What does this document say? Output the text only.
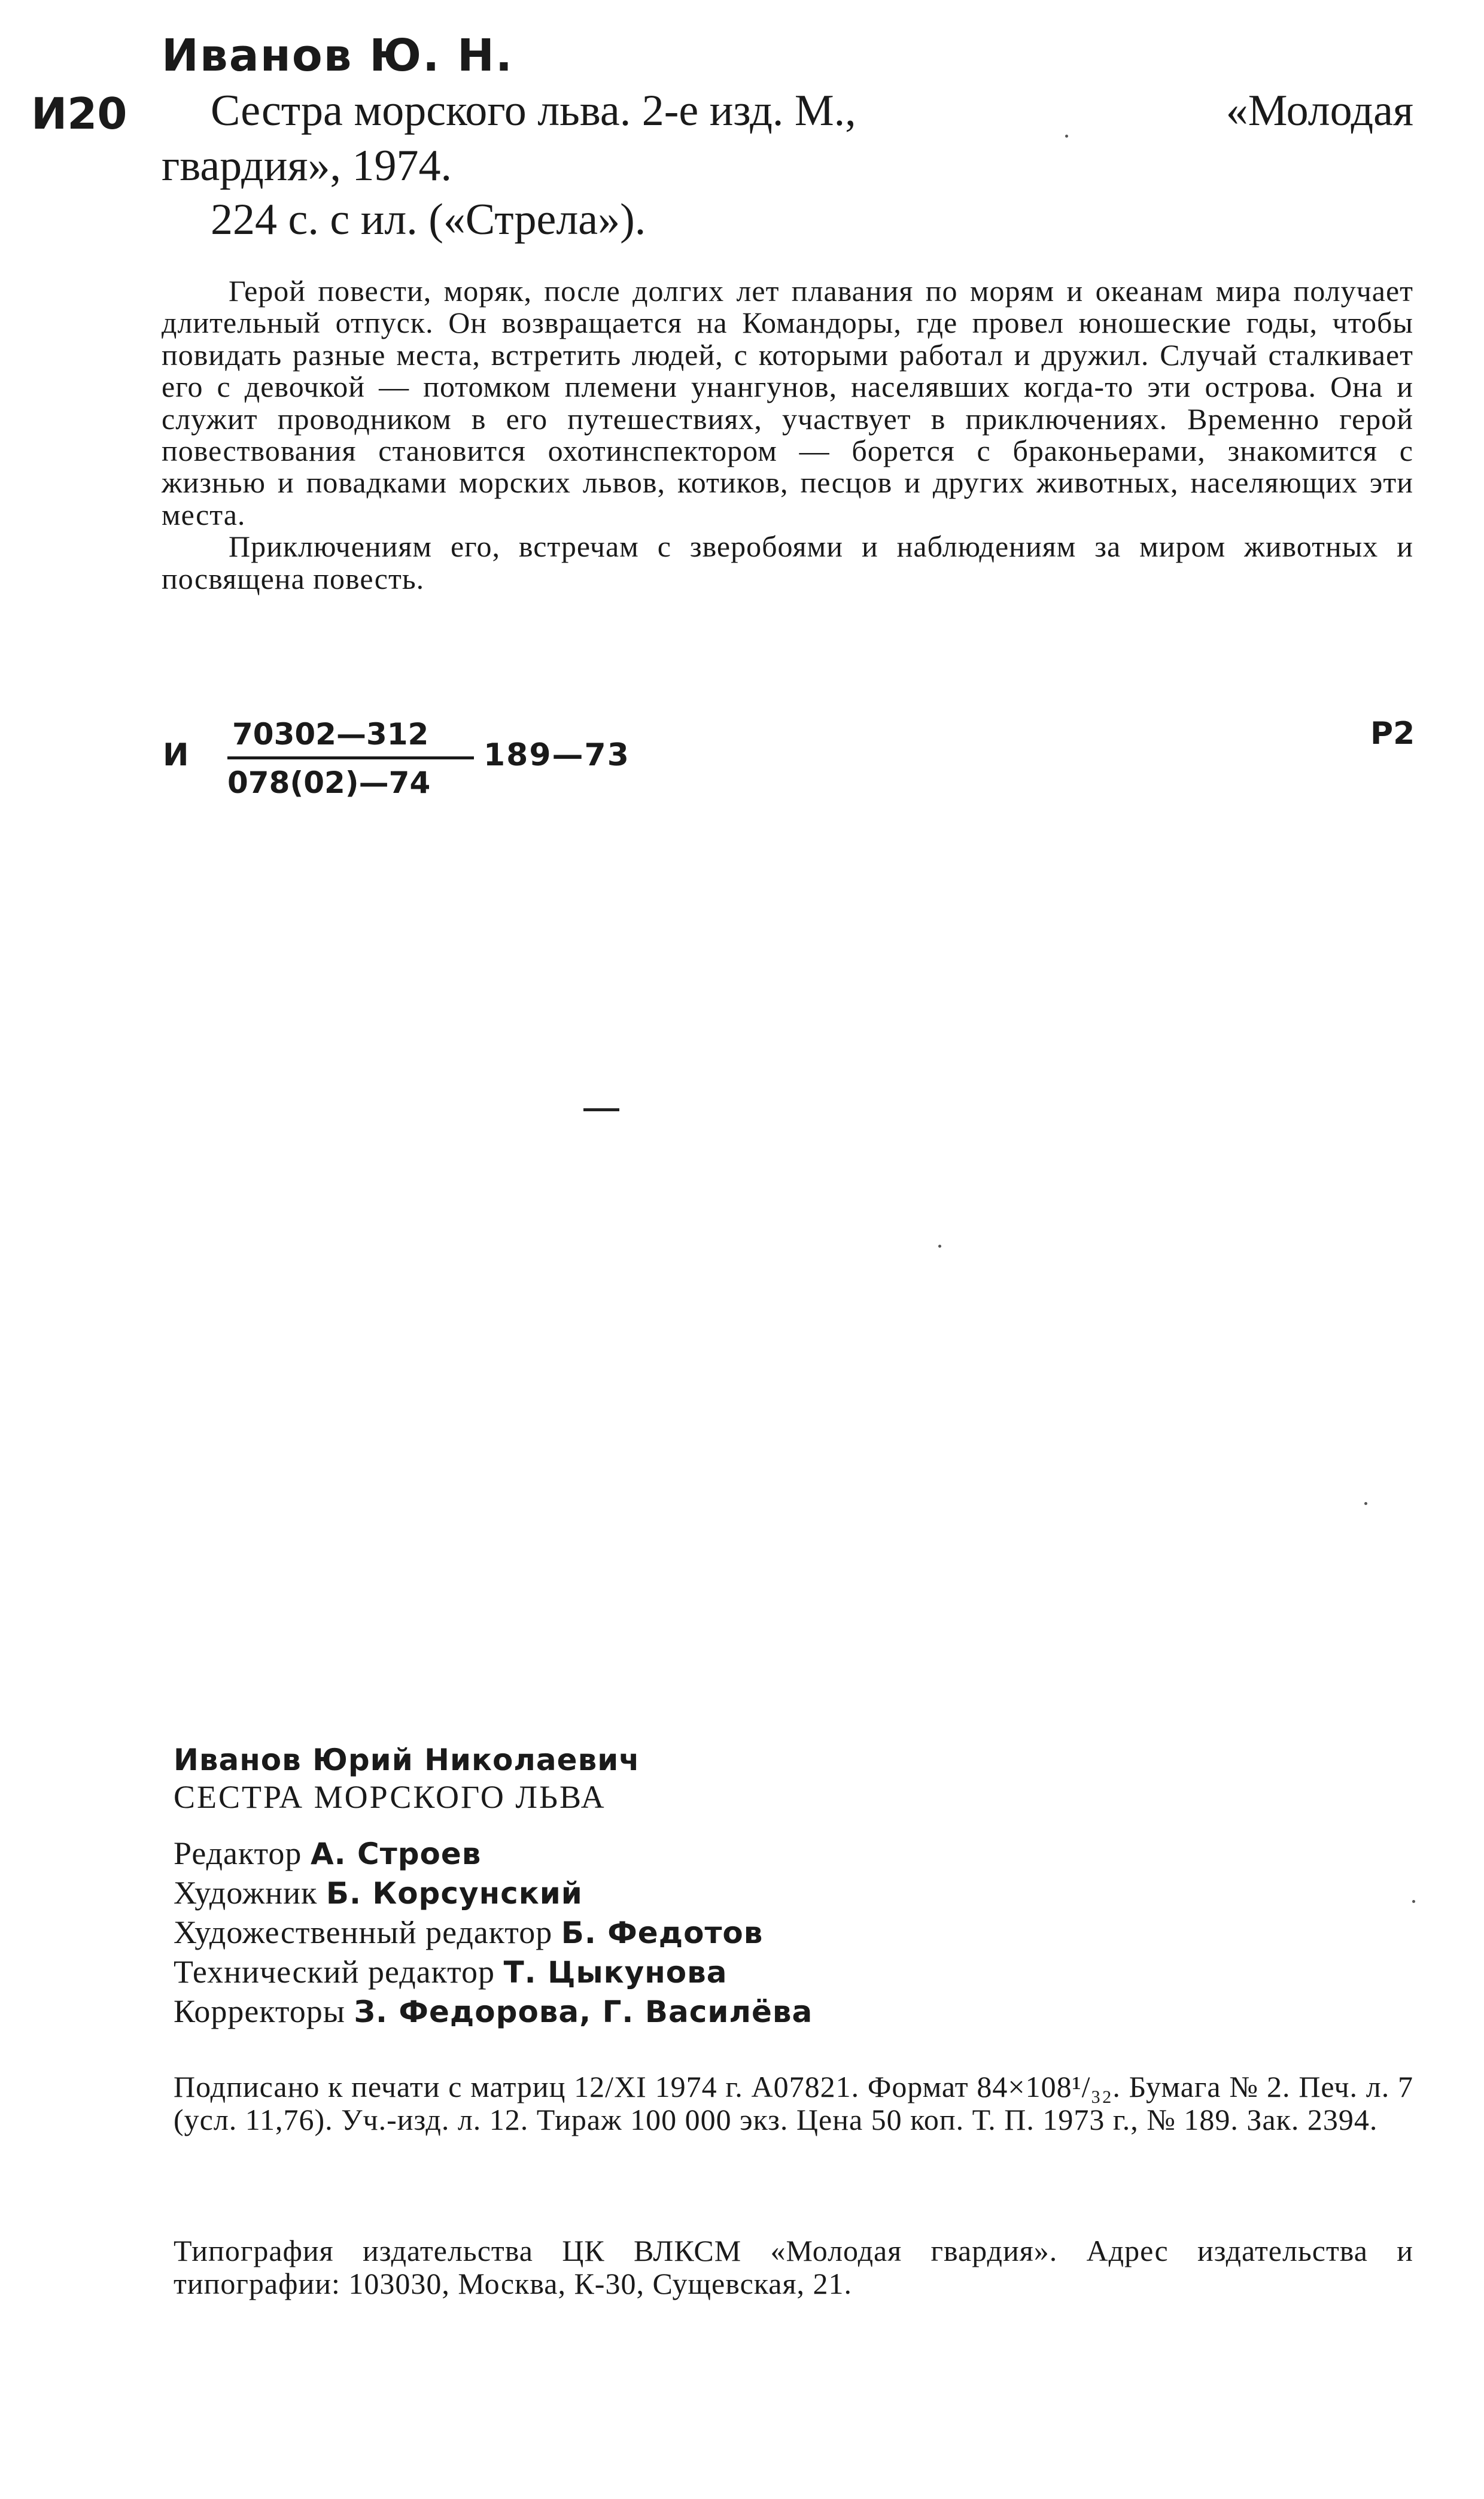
Иванов Ю. Н.
И20 Сестра морского льва. 2-е изд. М.,	«Молодая
гвардия», 1974.
224 с. с ил. («Стрела»).

Герой повести, моряк, после долгих лет плавания по морям и океанам мира получает длительный отпуск. Он возвращается на Командоры, где провел юношеские годы, чтобы повидать разные места, встретить людей, с которыми работал и дружил. Случай сталкивает его с девочкой — потомком племени унангунов, населявших когда-то эти острова. Она и служит проводником в его путешествиях, участвует в приключениях. Временно герой повествования становится охотинспектором — борется с браконьерами, знакомится с жизнью и повадками морских львов, котиков, песцов и других животных, населяющих эти места.

Приключениям его, встречам с зверобоями и наблюдениям за миром животных и посвящена повесть.

И
70302—312
078(02)—74
189—73
Р2
Иванов Юрий Николаевич
СЕСТРА МОРСКОГО ЛЬВА
Редактор А. Строев
Художник Б. Корсунский
Художественный редактор Б. Федотов
Технический редактор Т. Цыкунова
Корректоры З. Федорова, Г. Василёва

Подписано к печати с матриц 12/XI 1974 г. А07821. Формат 84×108¹/₃₂. Бумага № 2. Печ. л. 7 (усл. 11,76). Уч.-изд. л. 12. Тираж 100 000 экз. Цена 50 коп. Т. П. 1973 г., № 189. Зак. 2394.

Типография издательства ЦК ВЛКСМ «Молодая гвардия». Адрес издательства и типографии: 103030, Москва, К-30, Сущевская, 21.
